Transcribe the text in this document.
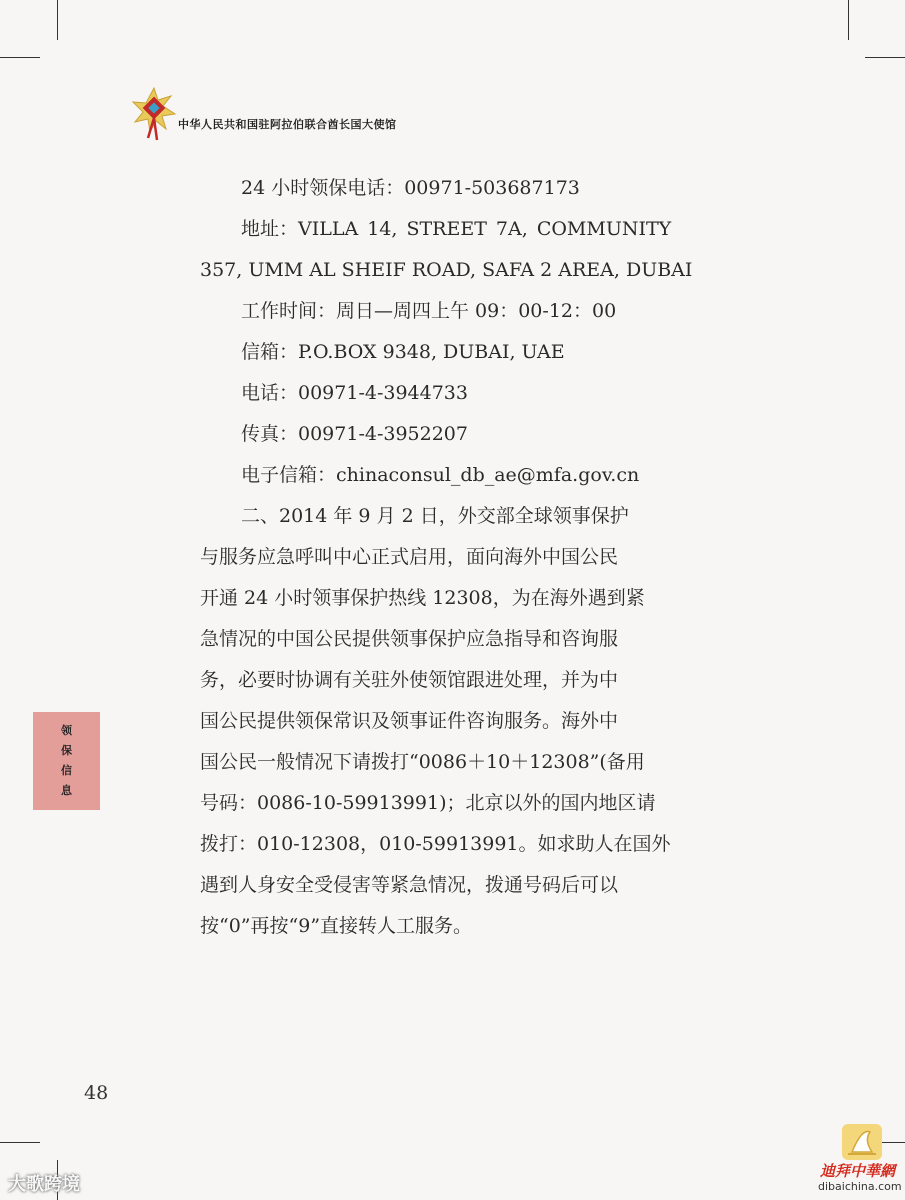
中华人民共和国驻阿拉伯联合酋长国大使馆

24 小时领保电话：00971-503687173

地址：VILLA 14, STREET 7A, COMMUNITY

357, UMM AL SHEIF ROAD, SAFA 2 AREA, DUBAI

工作时间：周日—周四上午 09：00-12：00

信箱：P.O.BOX 9348, DUBAI, UAE

电话：00971-4-3944733

传真：00971-4-3952207

电子信箱：chinaconsul_db_ae@mfa.gov.cn

二、2014 年 9 月 2 日，外交部全球领事保护

与服务应急呼叫中心正式启用，面向海外中国公民

开通 24 小时领事保护热线 12308，为在海外遇到紧

急情况的中国公民提供领事保护应急指导和咨询服

务，必要时协调有关驻外使领馆跟进处理，并为中

国公民提供领保常识及领事证件咨询服务。海外中

国公民一般情况下请拨打“0086＋10＋12308”(备用

号码：0086-10-59913991)；北京以外的国内地区请

拨打：010-12308，010-59913991。如求助人在国外

遇到人身安全受侵害等紧急情况，拨通号码后可以

按“0”再按“9”直接转人工服务。

领
保
信
息
48
大歌跨境
迪拜中華網
dibaichina.com
